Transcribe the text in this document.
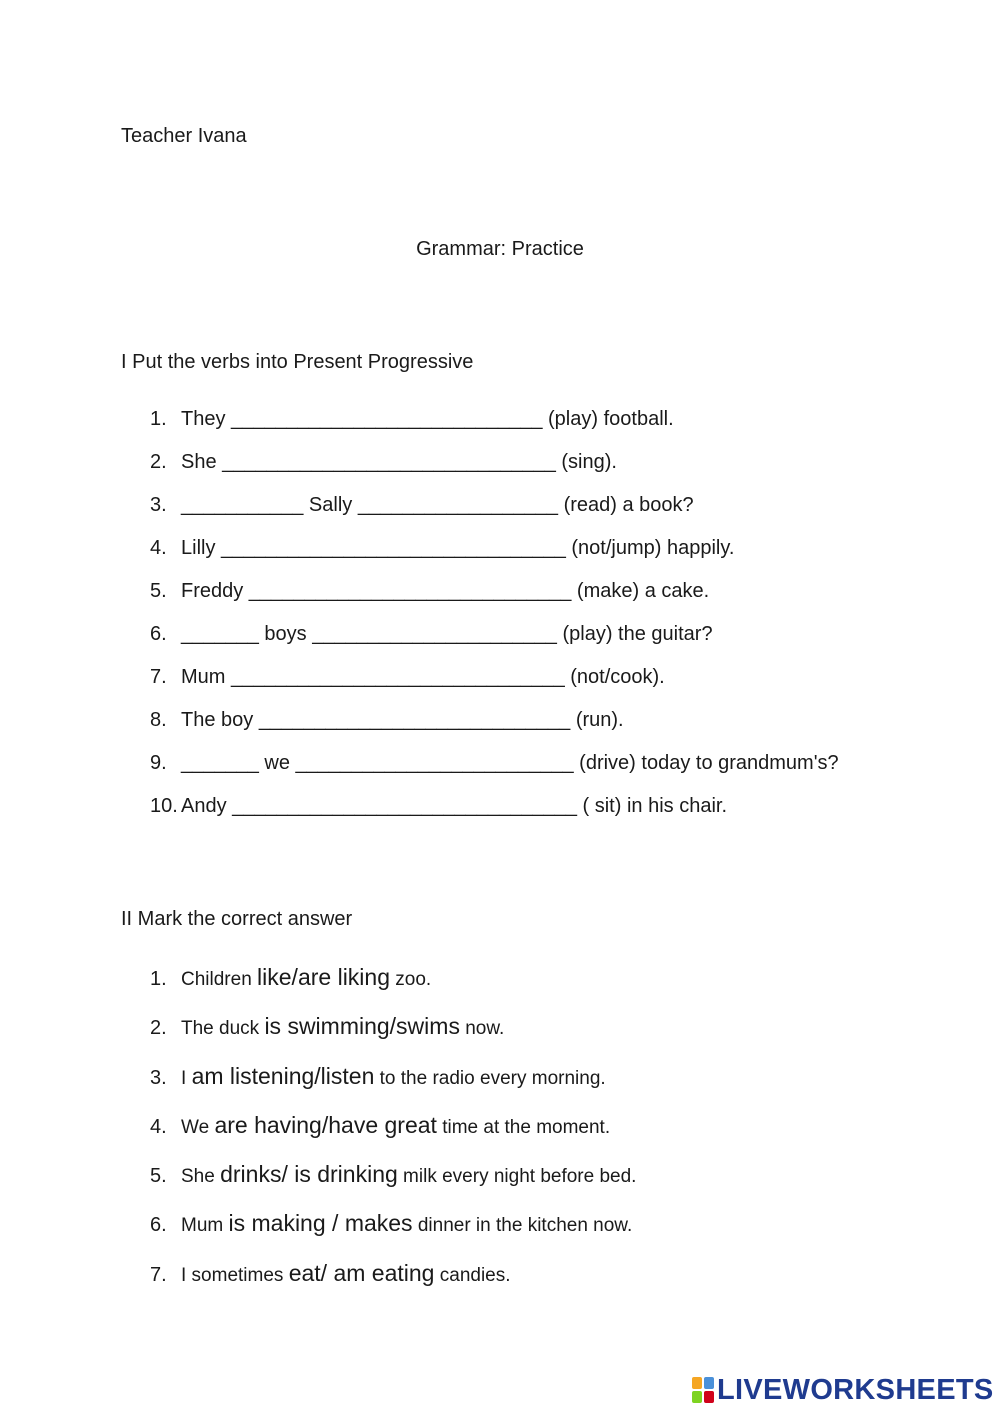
Teacher Ivana
Grammar: Practice
I Put the verbs into Present Progressive
1. They ____________________________ (play) football.
2. She ______________________________ (sing).
3. ___________ Sally __________________ (read) a book?
4. Lilly _______________________________ (not/jump) happily.
5. Freddy _____________________________ (make) a cake.
6. _______ boys ______________________ (play) the guitar?
7. Mum ______________________________ (not/cook).
8. The boy ____________________________ (run).
9. _______ we _________________________ (drive) today to grandmum's?
10. Andy _______________________________ ( sit) in his chair.
II Mark the correct answer
1. Children like/are liking zoo.
2. The duck is swimming/swims now.
3. I am listening/listen to the radio every morning.
4. We are having/have great time at the moment.
5. She drinks/ is drinking milk every night before bed.
6. Mum is making / makes dinner in the kitchen now.
7. I sometimes eat/ am eating candies.
LIVEWORKSHEETS
